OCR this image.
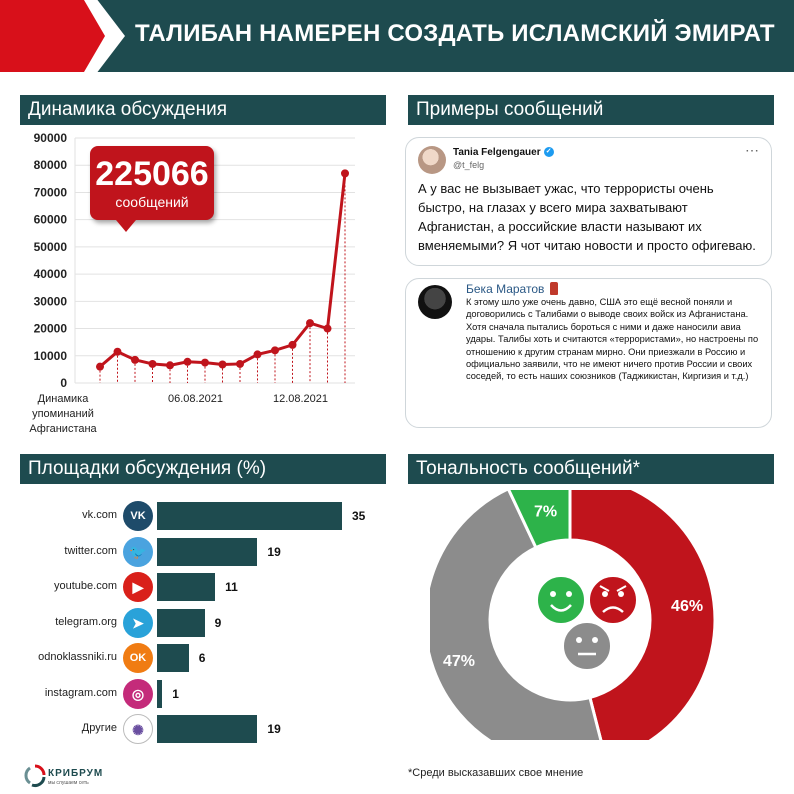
ТАЛИБАН НАМЕРЕН СОЗДАТЬ ИСЛАМСКИЙ ЭМИРАТ
Динамика обсуждения	Примеры сообщений
Площадки обсуждения (%)	Тональность сообщений*
0
10000
20000
30000
40000
50000
60000
70000
80000
90000
06.08.2021	12.08.2021
Динамика
упоминаний
Афганистана
225066
сообщений
Tania Felgengauer ✓
@t_felg
⋯
А у вас не вызывает ужас, что террористы очень быстро, на глазах у всего мира захватывают Афганистан, а российские власти называют их вменяемыми? Я чот читаю новости и просто офигеваю.
Бека Маратов
К этому шло уже очень давно, США это ещё весной поняли и договорились с Талибами о выводе своих войск из Афганистана. Хотя сначала пытались бороться с ними и даже наносили авиа удары. Талибы хоть и считаются «террористами», но настроены по отношению к другим странам мирно. Они приезжали в Россию и официально заявили, что не имеют ничего против России и своих соседей, то есть наших союзников (Таджикистан, Киргизия и т.д.)
vk.com	VK	35
twitter.com 🐦	19
youtube.com	▶	11
telegram.org	➤	9
odnoklassniki.ru	OK	6
instagram.com	◎	1
Другие	✺	19
46%
47%
7%
КРИБРУМ
мы слушаем сеть
*Среди высказавших свое мнение
